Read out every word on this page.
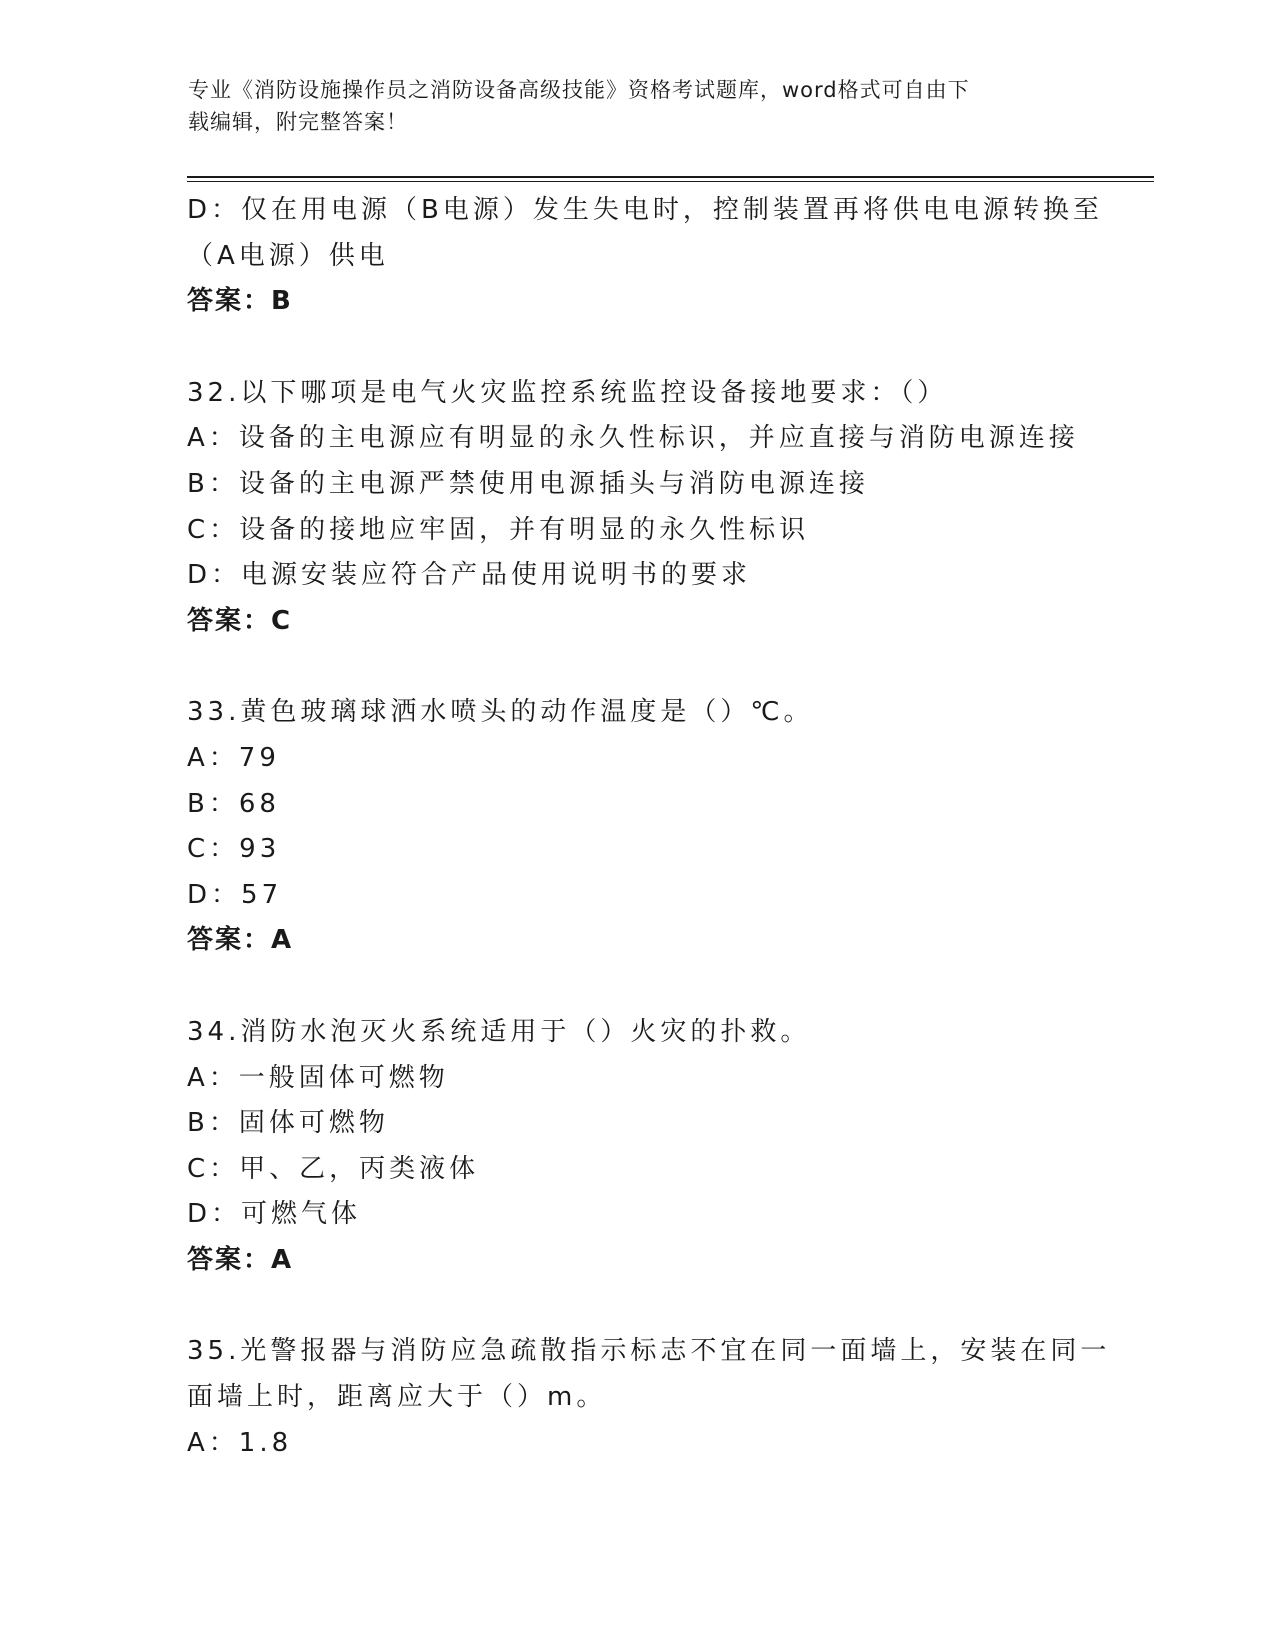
专业《消防设施操作员之消防设备高级技能》资格考试题库，word格式可自由下
载编辑，附完整答案！
D：仅在用电源（B电源）发生失电时，控制装置再将供电电源转换至
（A电源）供电
答案：B
32.以下哪项是电气火灾监控系统监控设备接地要求：（）
A：设备的主电源应有明显的永久性标识，并应直接与消防电源连接
B：设备的主电源严禁使用电源插头与消防电源连接
C：设备的接地应牢固，并有明显的永久性标识
D：电源安装应符合产品使用说明书的要求
答案：C
33.黄色玻璃球洒水喷头的动作温度是（）℃。
A：79
B：68
C：93
D：57
答案：A
34.消防水泡灭火系统适用于（）火灾的扑救。
A：一般固体可燃物
B：固体可燃物
C：甲、乙，丙类液体
D：可燃气体
答案：A
35.光警报器与消防应急疏散指示标志不宜在同一面墙上，安装在同一
面墙上时，距离应大于（）m。
A：1.8
